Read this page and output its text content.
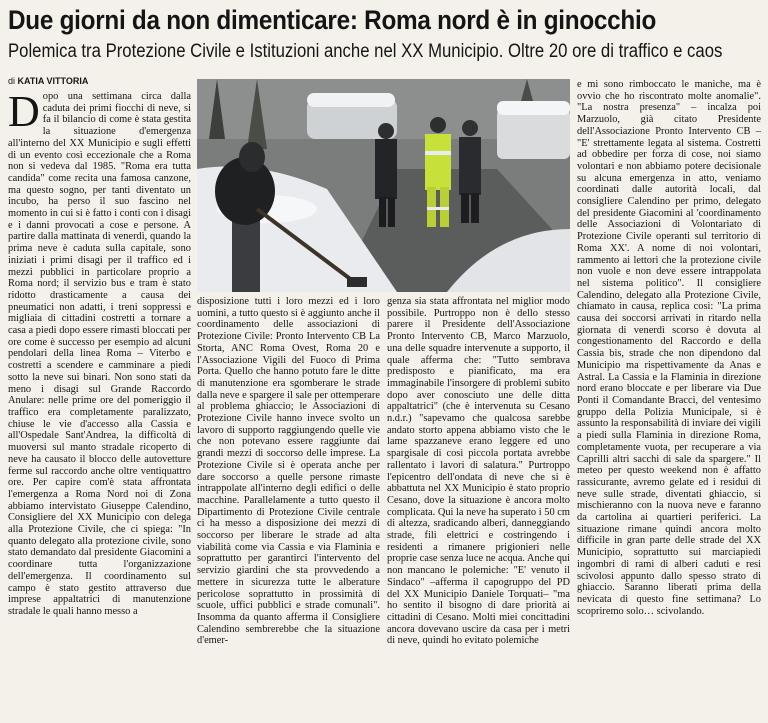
Due giorni da non dimenticare: Roma nord è in ginocchio
Polemica tra Protezione Civile e Istituzioni anche nel XX Municipio. Oltre 20 ore di traffico e caos
di KATIA VITTORIA

Dopo una settimana circa dalla caduta dei primi fiocchi di neve, si fa il bilancio di come è stata gestita la situazione d'emergenza all'interno del XX Municipio e sugli effetti di un evento così eccezionale che a Roma non si vedeva dal 1985. "Roma era tutta candida" come recita una famosa canzone, ma questo sogno, per tanti diventato un incubo, ha perso il suo fascino nel momento in cui si è fatto i conti con i disagi e i danni provocati a cose e persone. A partire dalla mattinata di venerdì, quando la prima neve è caduta sulla capitale, sono iniziati i primi disagi per il traffico ed i mezzi pubblici in particolare proprio a Roma nord; il servizio bus e tram è stato ridotto drasticamente a causa dei pneumatici non adatti, i treni soppressi e migliaia di cittadini costretti a tornare a casa a piedi dopo essere rimasti bloccati per ore come è successo per esempio ad alcuni pendolari della linea Roma – Viterbo e costretti a scendere e camminare a piedi sotto la neve sui binari. Non sono stati da meno i disagi sul Grande Raccordo Anulare: nelle prime ore del pomeriggio il traffico era completamente paralizzato, chiuse le vie d'accesso alla Cassia e all'Ospedale Sant'Andrea, la difficoltà di muoversi sul manto stradale ricoperto di neve ha causato il blocco delle autovetture ferme sul raccordo anche oltre ventiquattro ore. Per capire com'è stata affrontata l'emergenza a Roma Nord noi di Zona abbiamo intervistato Giuseppe Calendino, Consigliere del XX Municipio con delega alla Protezione Civile, che ci spiega: "In quanto delegato alla protezione civile, sono stato demandato dal presidente Giacomini a coordinare tutta l'organizzazione dell'emergenza. Il coordinamento sul campo è stato gestito attraverso due imprese appaltatrici di manutenzione stradale le quali hanno messo a

disposizione tutti i loro mezzi ed i loro uomini, a tutto questo si è aggiunto anche il coordinamento delle associazioni di Protezione Civile: Pronto Intervento CB La Storta, ANC Roma Ovest, Roma 20 e l'Associazione Vigili del Fuoco di Prima Porta. Quello che hanno potuto fare le ditte di manutenzione era sgomberare le strade dalla neve e spargere il sale per ottemperare al problema ghiaccio; le Associazioni di Protezione Civile hanno invece svolto un lavoro di supporto raggiungendo quelle vie che non potevano essere raggiunte dai grandi mezzi di soccorso delle imprese. La Protezione Civile si è operata anche per dare soccorso a quelle persone rimaste intrappolate all'interno degli edifici o delle macchine. Parallelamente a tutto questo il Dipartimento di Protezione Civile centrale ci ha messo a disposizione dei mezzi di soccorso per liberare le strade ad alta viabilità come via Cassia e via Flaminia e soprattutto per garantirci l'intervento del servizio giardini che sta provvedendo a mettere in sicurezza tutte le alberature pericolose soprattutto in prossimità di scuole, uffici pubblici e strade comunali". Insomma da quanto afferma il Consigliere Calendino sembrerebbe che la situazione d'emer-

genza sia stata affrontata nel miglior modo possibile. Purtroppo non è dello stesso parere il Presidente dell'Associazione Pronto Intervento CB, Marco Marzuolo, una delle squadre intervenute a supporto, il quale afferma che: "Tutto sembrava predisposto e pianificato, ma era immaginabile l'insorgere di problemi subito dopo aver conosciuto une delle ditta appaltatrici" (che è intervenuta su Cesano n.d.r.) "sapevamo che qualcosa sarebbe andato storto appena abbiamo visto che le lame spazzaneve erano leggere ed uno spargisale di così piccola portata avrebbe rallentato i lavori di salatura." Purtroppo l'epicentro dell'ondata di neve che si è abbattuta nel XX Municipio è stato proprio Cesano, dove la situazione è ancora molto complicata. Qui la neve ha superato i 50 cm di altezza, sradicando alberi, danneggiando strade, fili elettrici e costringendo i residenti a rimanere prigionieri nelle proprie case senza luce ne acqua. Anche qui non mancano le polemiche: "E' venuto il Sindaco" –afferma il capogruppo del PD del XX Municipio Daniele Torquati– "ma ho sentito il bisogno di dare priorità ai cittadini di Cesano. Molti miei concittadini ancora dovevano uscire da casa per i metri di neve, quindi ho evitato polemiche

e mi sono rimboccato le maniche, ma è ovvio che ho riscontrato molte anomalie". "La nostra presenza" – incalza poi Marzuolo, già citato Presidente dell'Associazione Pronto Intervento CB – "E' strettamente legata al sistema. Costretti ad obbedire per forza di cose, noi siamo volontari e non abbiamo potere decisionale su alcuna emergenza in atto, veniamo coordinati dalle autorità locali, dal consigliere Calendino per primo, delegato del presidente Giacomini al 'coordinamento delle Associazioni di Volontariato di Protezione Civile operanti sul territorio di Roma XX'. A nome di noi volontari, rammento ai lettori che la protezione civile non vuole e non deve essere intrappolata nel sistema politico". Il consigliere Calendino, delegato alla Protezione Civile, chiamato in causa, replica così: "La prima causa dei soccorsi arrivati in ritardo nella giornata di venerdì scorso è dovuta al congestionamento del Raccordo e della Cassia bis, strade che non dipendono dal Municipio ma rispettivamente da Anas e Astral. La Cassia e la Flaminia in direzione nord erano bloccate e per liberare via Due Ponti il Comandante Bracci, del ventesimo gruppo della Polizia Municipale, si è assunto la responsabilità di inviare dei vigili a piedi sulla Flaminia in direzione Roma, completamente vuota, per recuperare a via Caprilli altri sacchi di sale da spargere." Il meteo per questo weekend non è affatto rassicurante, avremo gelate ed i residui di neve sulle strade, diventati ghiaccio, si mischieranno con la nuova neve e faranno da cartolina ai quartieri periferici. La situazione rimane quindi ancora molto difficile in gran parte delle strade del XX Municipio, soprattutto sui marciapiedi ingombri di rami di alberi caduti e resi scivolosi appunto dallo spesso strato di ghiaccio. Saranno liberati prima della nevicata di questo fine settimana? Lo scopriremo solo… scivolando.
